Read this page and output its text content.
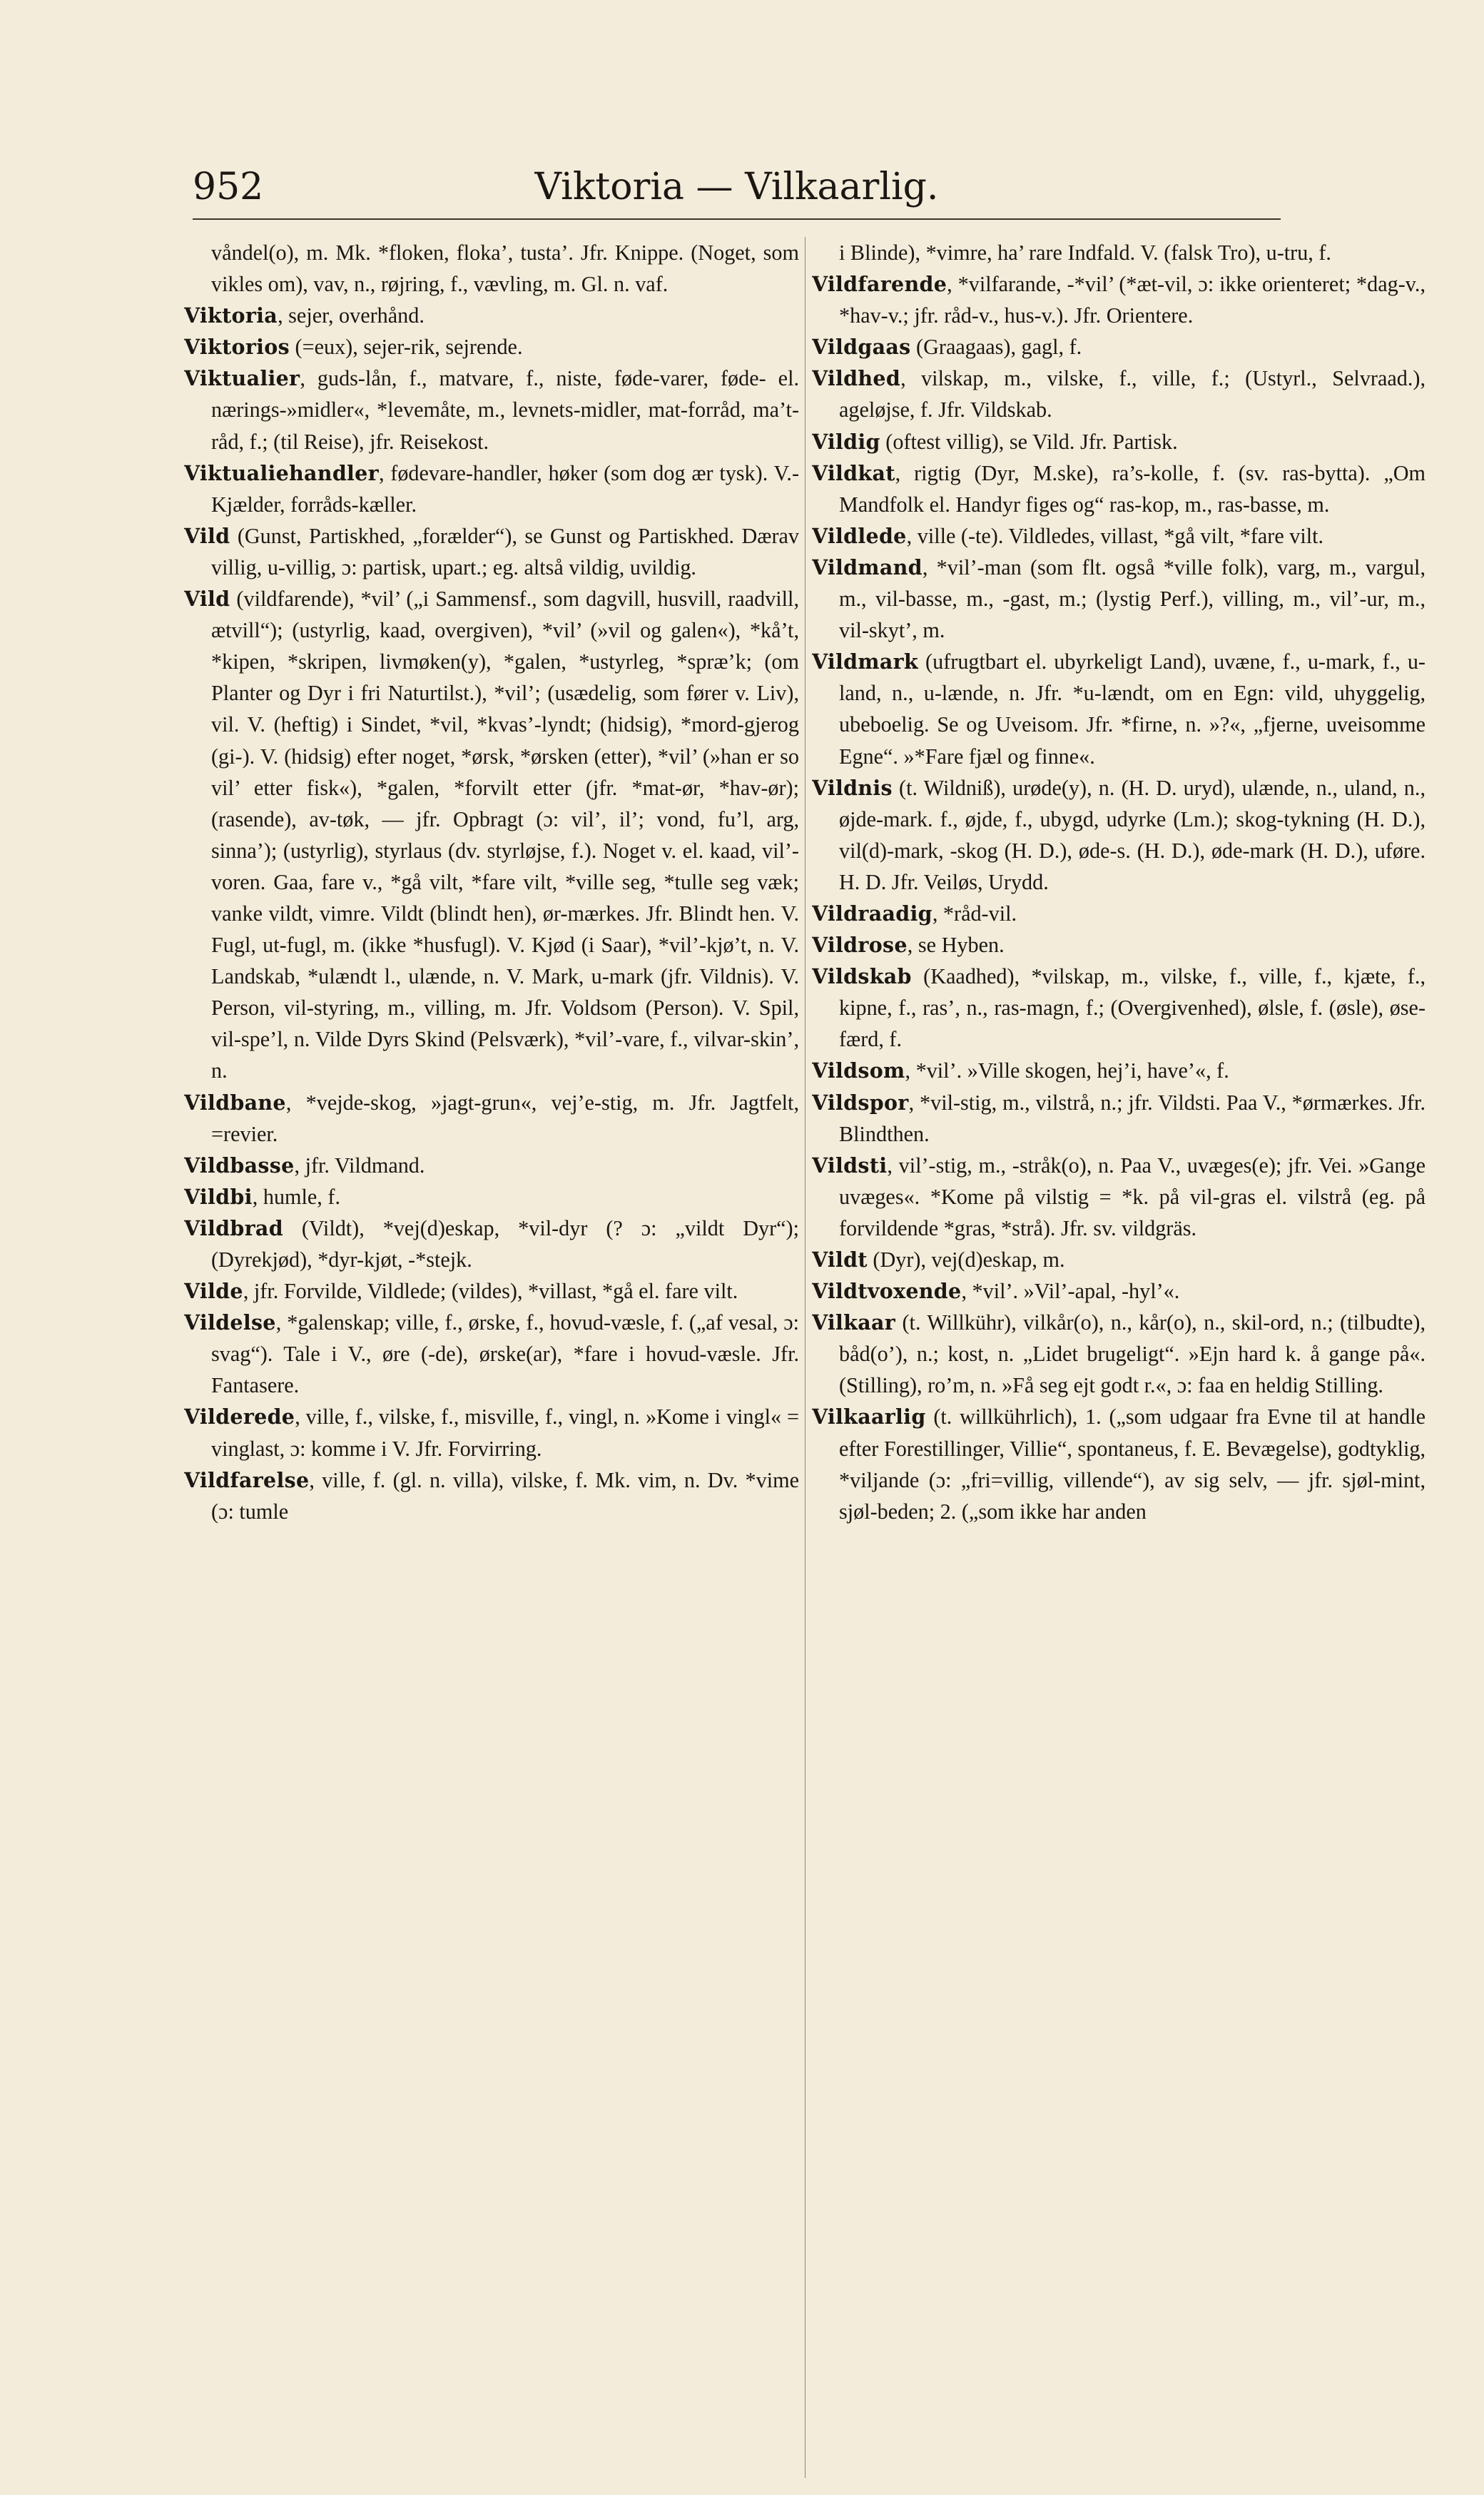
952	Viktoria — Vilkaarlig.

våndel(o), m. Mk. *floken, floka’, tusta’. Jfr. Knippe. (Noget, som vikles om), vav, n., røjring, f., vævling, m. Gl. n. vaf.

Viktoria, sejer, overhånd.

Viktorios (=eux), sejer-rik, sejrende.

Viktualier, guds-lån, f., matvare, f., niste, føde-varer, føde- el. nærings-»midler«, *levemåte, m., levnets-midler, mat-forråd, ma’t-råd, f.; (til Reise), jfr. Reisekost.

Viktualiehandler, fødevare-handler, høker (som dog ær tysk). V.-Kjælder, forråds-kæller.

Vild (Gunst, Partiskhed, „forælder“), se Gunst og Partiskhed. Dærav villig, u-villig, ɔ: partisk, upart.; eg. altså vildig, uvildig.

Vild (vildfarende), *vil’ („i Sammensf., som dagvill, husvill, raadvill, ætvill“); (ustyrlig, kaad, overgiven), *vil’ (»vil og galen«), *kå’t, *kipen, *skripen, livmøken(y), *galen, *ustyrleg, *spræ’k; (om Planter og Dyr i fri Naturtilst.), *vil’; (usædelig, som fører v. Liv), vil. V. (heftig) i Sindet, *vil, *kvas’-lyndt; (hidsig), *mord-gjerog (gi-). V. (hidsig) efter noget, *ørsk, *ørsken (etter), *vil’ (»han er so vil’ etter fisk«), *galen, *forvilt etter (jfr. *mat-ør, *hav-ør); (rasende), av-tøk, — jfr. Opbragt (ɔ: vil’, il’; vond, fu’l, arg, sinna’); (ustyrlig), styrlaus (dv. styrløjse, f.). Noget v. el. kaad, vil’-voren. Gaa, fare v., *gå vilt, *fare vilt, *ville seg, *tulle seg væk; vanke vildt, vimre. Vildt (blindt hen), ør-mærkes. Jfr. Blindt hen. V. Fugl, ut-fugl, m. (ikke *husfugl). V. Kjød (i Saar), *vil’-kjø’t, n. V. Landskab, *ulændt l., ulænde, n. V. Mark, u-mark (jfr. Vildnis). V. Person, vil-styring, m., villing, m. Jfr. Voldsom (Person). V. Spil, vil-spe’l, n. Vilde Dyrs Skind (Pelsværk), *vil’-vare, f., vilvar-skin’, n.

Vildbane, *vejde-skog, »jagt-grun«, vej’e-stig, m. Jfr. Jagtfelt, =revier.

Vildbasse, jfr. Vildmand.

Vildbi, humle, f.

Vildbrad (Vildt), *vej(d)eskap, *vil-dyr (? ɔ: „vildt Dyr“); (Dyrekjød), *dyr-kjøt, -*stejk.

Vilde, jfr. Forvilde, Vildlede; (vildes), *villast, *gå el. fare vilt.

Vildelse, *galenskap; ville, f., ørske, f., hovud-væsle, f. („af vesal, ɔ: svag“). Tale i V., øre (-de), ørske(ar), *fare i hovud-væsle. Jfr. Fantasere.

Vilderede, ville, f., vilske, f., misville, f., vingl, n. »Kome i vingl« = vinglast, ɔ: komme i V. Jfr. Forvirring.

Vildfarelse, ville, f. (gl. n. villa), vilske, f. Mk. vim, n. Dv. *vime (ɔ: tumle

i Blinde), *vimre, ha’ rare Indfald. V. (falsk Tro), u-tru, f.

Vildfarende, *vilfarande, -*vil’ (*æt-vil, ɔ: ikke orienteret; *dag-v., *hav-v.; jfr. råd-v., hus-v.). Jfr. Orientere.

Vildgaas (Graagaas), gagl, f.

Vildhed, vilskap, m., vilske, f., ville, f.; (Ustyrl., Selvraad.), ageløjse, f. Jfr. Vildskab.

Vildig (oftest villig), se Vild. Jfr. Partisk.

Vildkat, rigtig (Dyr, M.ske), ra’s-kolle, f. (sv. ras-bytta). „Om Mandfolk el. Handyr figes og“ ras-kop, m., ras-basse, m.

Vildlede, ville (-te). Vildledes, villast, *gå vilt, *fare vilt.

Vildmand, *vil’-man (som flt. også *ville folk), varg, m., vargul, m., vil-basse, m., -gast, m.; (lystig Perf.), villing, m., vil’-ur, m., vil-skyt’, m.

Vildmark (ufrugtbart el. ubyrkeligt Land), uvæne, f., u-mark, f., u-land, n., u-lænde, n. Jfr. *u-lændt, om en Egn: vild, uhyggelig, ubeboelig. Se og Uveisom. Jfr. *firne, n. »?«, „fjerne, uveisomme Egne“. »*Fare fjæl og finne«.

Vildnis (t. Wildniß), urøde(y), n. (H. D. uryd), ulænde, n., uland, n., øjde-mark. f., øjde, f., ubygd, udyrke (Lm.); skog-tykning (H. D.), vil(d)-mark, -skog (H. D.), øde-s. (H. D.), øde-mark (H. D.), uføre. H. D. Jfr. Veiløs, Urydd.

Vildraadig, *råd-vil.

Vildrose, se Hyben.

Vildskab (Kaadhed), *vilskap, m., vilske, f., ville, f., kjæte, f., kipne, f., ras’, n., ras-magn, f.; (Overgivenhed), ølsle, f. (øsle), øse-færd, f.

Vildsom, *vil’. »Ville skogen, hej’i, have’«, f.

Vildspor, *vil-stig, m., vilstrå, n.; jfr. Vildsti. Paa V., *ørmærkes. Jfr. Blindthen.

Vildsti, vil’-stig, m., -stråk(o), n. Paa V., uvæges(e); jfr. Vei. »Gange uvæges«. *Kome på vilstig = *k. på vil-gras el. vilstrå (eg. på forvildende *gras, *strå). Jfr. sv. vildgräs.

Vildt (Dyr), vej(d)eskap, m.

Vildtvoxende, *vil’. »Vil’-apal, -hyl’«.

Vilkaar (t. Willkühr), vilkår(o), n., kår(o), n., skil-ord, n.; (tilbudte), båd(o’), n.; kost, n. „Lidet brugeligt“. »Ejn hard k. å gange på«. (Stilling), ro’m, n. »Få seg ejt godt r.«, ɔ: faa en heldig Stilling.

Vilkaarlig (t. willkührlich), 1. („som udgaar fra Evne til at handle efter Forestillinger, Villie“, spontaneus, f. E. Bevægelse), godtyklig, *viljande (ɔ: „fri=villig, villende“), av sig selv, — jfr. sjøl-mint, sjøl-beden; 2. („som ikke har anden
